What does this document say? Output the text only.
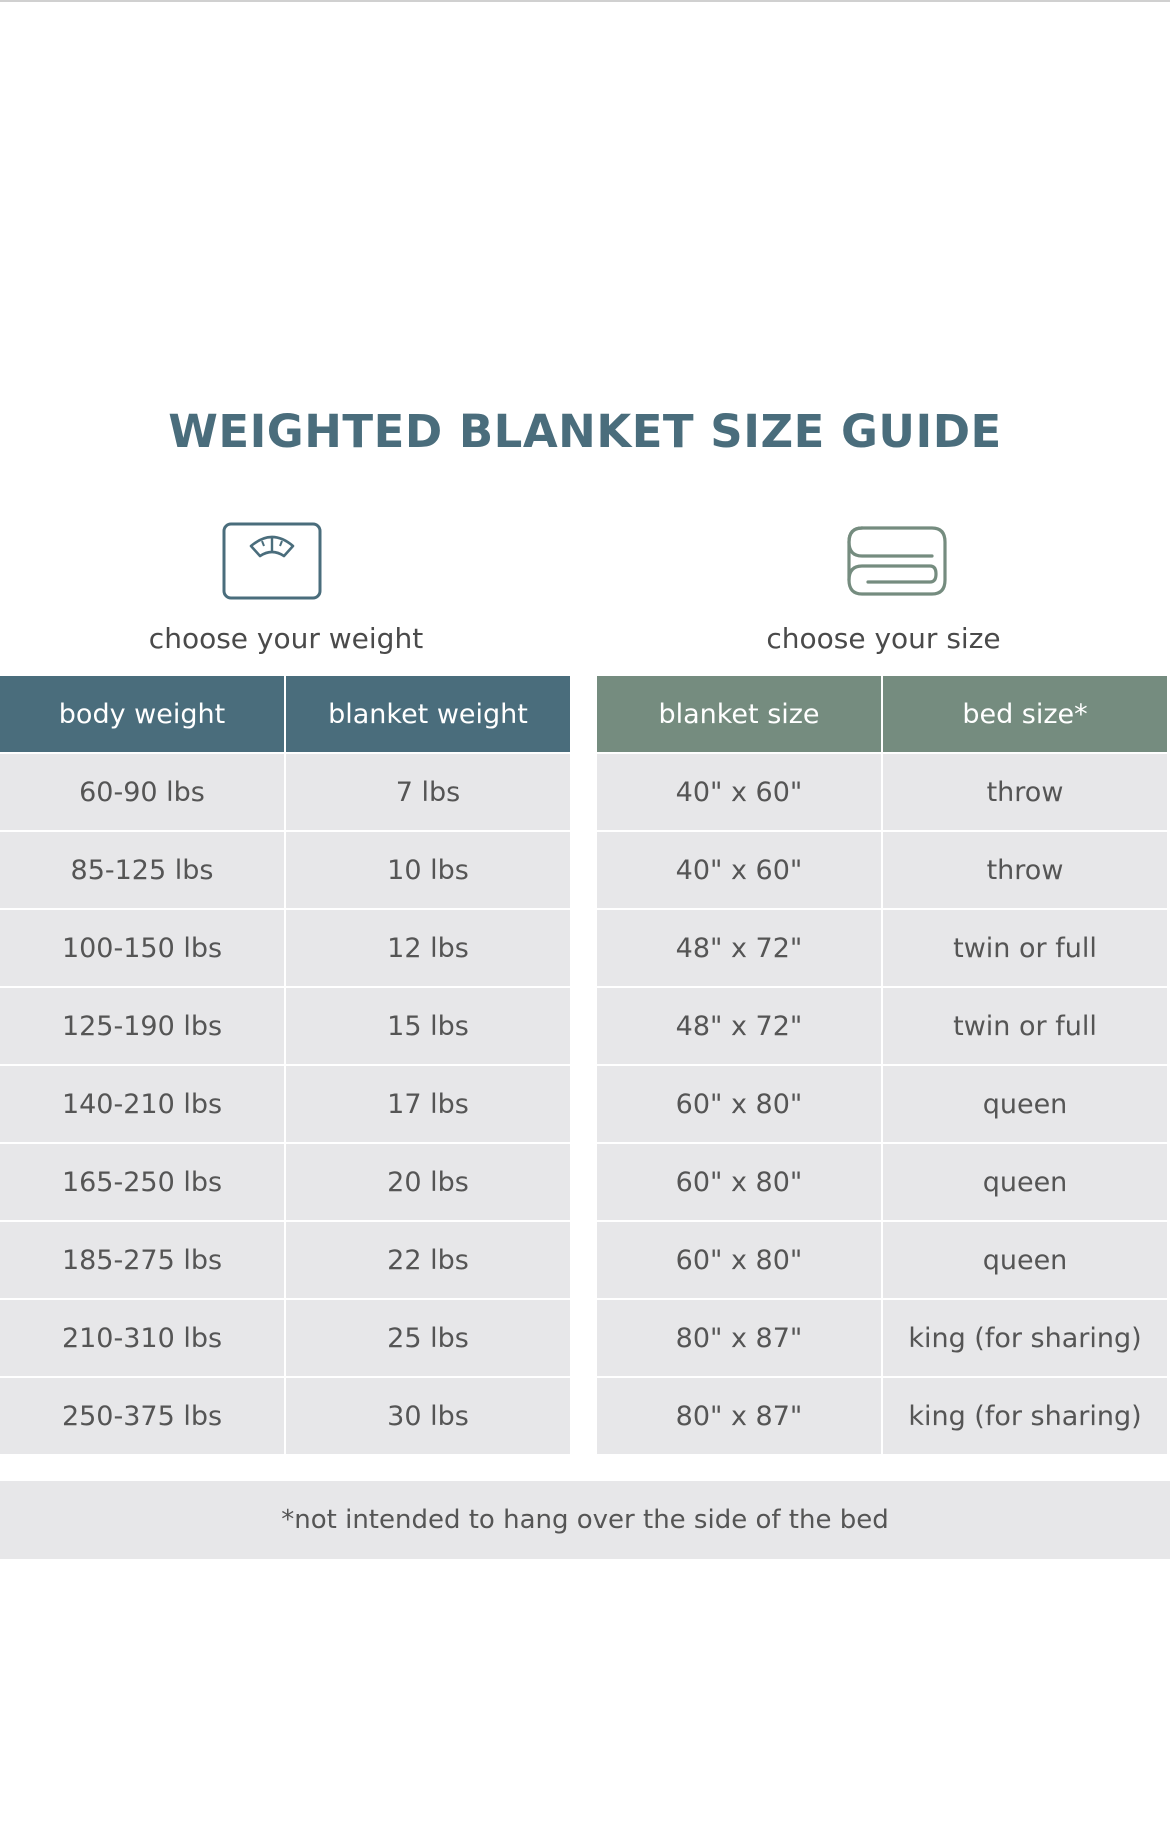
WEIGHTED BLANKET SIZE GUIDE
choose your weight	choose your size
body weight	blanket weight
60-90 lbs	7 lbs
85-125 lbs	10 lbs
100-150 lbs	12 lbs
125-190 lbs	15 lbs
140-210 lbs	17 lbs
165-250 lbs	20 lbs
185-275 lbs	22 lbs
210-310 lbs	25 lbs
250-375 lbs	30 lbs
blanket size	bed size*
40" x 60"	throw
40" x 60"	throw
48" x 72"	twin or full
48" x 72"	twin or full
60" x 80"	queen
60" x 80"	queen
60" x 80"	queen
80" x 87"	king (for sharing)
80" x 87"	king (for sharing)
*not intended to hang over the side of the bed
